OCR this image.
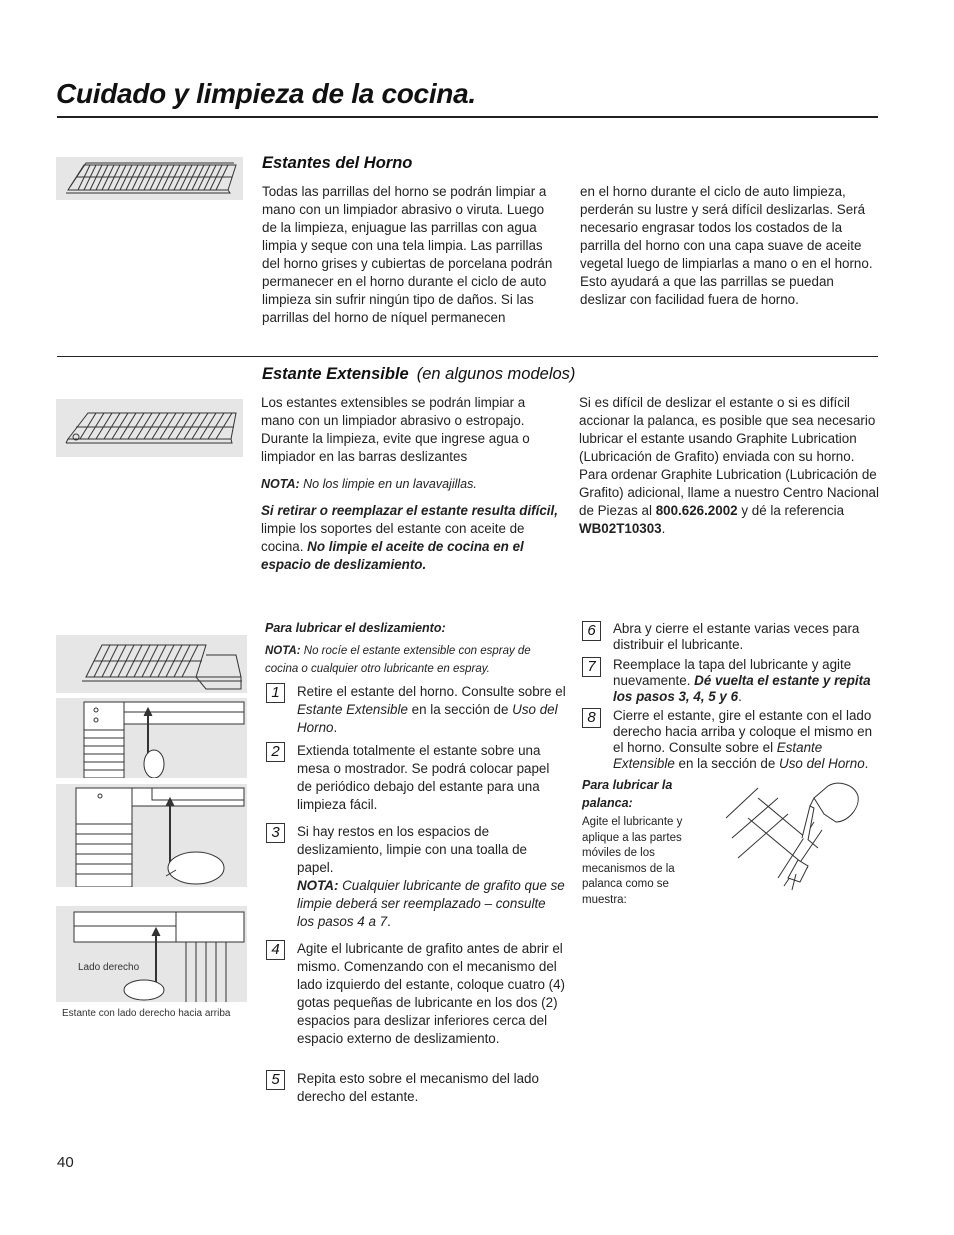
Cuidado y limpieza de la cocina.
Estantes del Horno
Todas las parrillas del horno se podrán limpiar a mano con un limpiador abrasivo o viruta. Luego de la limpieza, enjuague las parrillas con agua limpia y seque con una tela limpia. Las parrillas del horno grises y cubiertas de porcelana podrán permanecer en el horno durante el ciclo de auto limpieza sin sufrir ningún tipo de daños. Si las parrillas del horno de níquel permanecen
en el horno durante el ciclo de auto limpieza, perderán su lustre y será difícil deslizarlas. Será necesario engrasar todos los costados de la parrilla del horno con una capa suave de aceite vegetal luego de limpiarlas a mano o en el horno. Esto ayudará a que las parrillas se puedan deslizar con facilidad fuera de horno.
Estante Extensible (en algunos modelos)

Los estantes extensibles se podrán limpiar a mano con un limpiador abrasivo o estropajo. Durante la limpieza, evite que ingrese agua o limpiador en las barras deslizantes

NOTA: No los limpie en un lavavajillas.

Si retirar o reemplazar el estante resulta difícil, limpie los soportes del estante con aceite de cocina. No limpie el aceite de cocina en el espacio de deslizamiento.

Si es difícil de deslizar el estante o si es difícil accionar la palanca, es posible que sea necesario lubricar el estante usando Graphite Lubrication (Lubricación de Grafito) enviada con su horno. Para ordenar Graphite Lubrication (Lubricación de Grafito) adicional, llame a nuestro Centro Nacional de Piezas al 800.626.2002 y dé la referencia WB02T10303.
Lado derecho
Estante con lado derecho hacia arriba
Para lubricar el deslizamiento:
NOTA: No rocíe el estante extensible con espray de cocina o cualquier otro lubricante en espray.
1	Retire el estante del horno. Consulte sobre el Estante Extensible en la sección de Uso del Horno.
2	Extienda totalmente el estante sobre una mesa o mostrador. Se podrá colocar papel de periódico debajo del estante para una limpieza fácil.
3	Si hay restos en los espacios de deslizamiento, limpie con una toalla de papel.
NOTA: Cualquier lubricante de grafito que se limpie deberá ser reemplazado – consulte los pasos 4 a 7.
4	Agite el lubricante de grafito antes de abrir el mismo. Comenzando con el mecanismo del lado izquierdo del estante, coloque cuatro (4) gotas pequeñas de lubricante en los dos (2) espacios para deslizar inferiores cerca del espacio externo de deslizamiento.
5	Repita esto sobre el mecanismo del lado derecho del estante.
6	Abra y cierre el estante varias veces para distribuir el lubricante.
7	Reemplace la tapa del lubricante y agite nuevamente. Dé vuelta el estante y repita los pasos 3, 4, 5 y 6.
8	Cierre el estante, gire el estante con el lado derecho hacia arriba y coloque el mismo en el horno. Consulte sobre el Estante Extensible en la sección de Uso del Horno.
Para lubricar la palanca:
Agite el lubricante y aplique a las partes móviles de los mecanismos de la palanca como se muestra:
40
